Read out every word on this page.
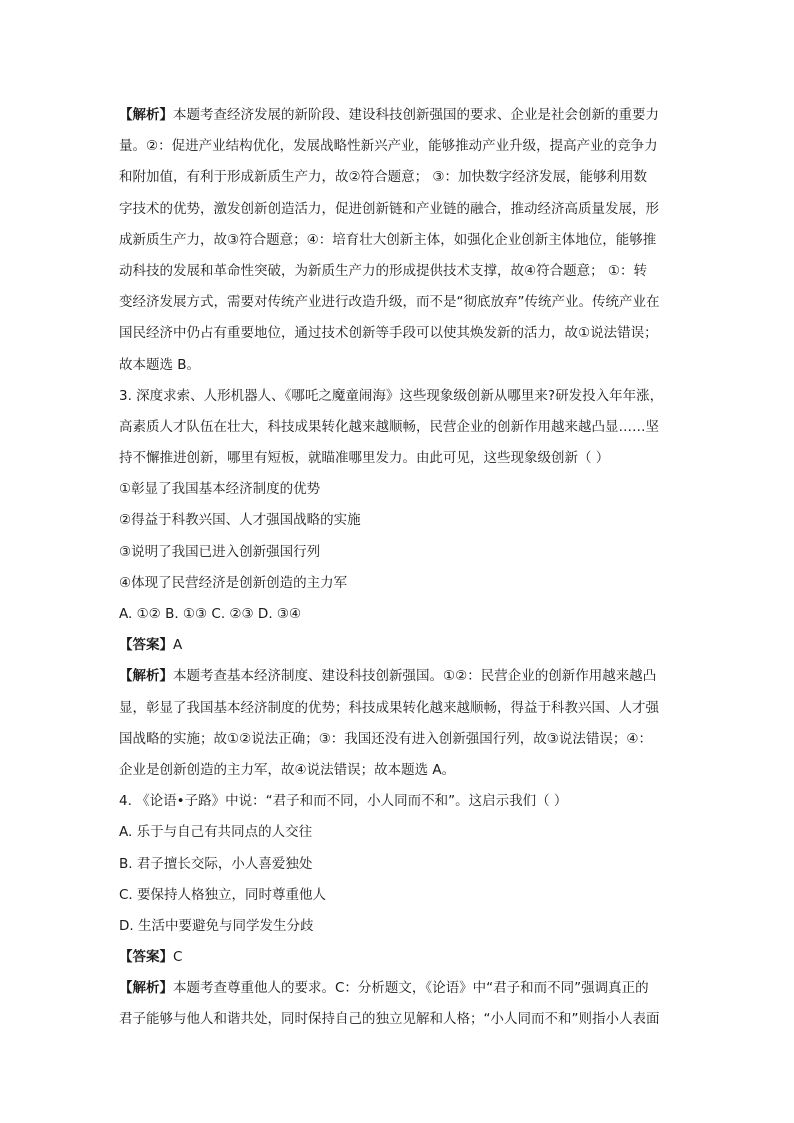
【解析】本题考查经济发展的新阶段、建设科技创新强国的要求、企业是社会创新的重要力
量。②：促进产业结构优化，发展战略性新兴产业，能够推动产业升级，提高产业的竞争力
和附加值，有利于形成新质生产力，故②符合题意； ③：加快数字经济发展，能够利用数
字技术的优势，激发创新创造活力，促进创新链和产业链的融合，推动经济高质量发展，形
成新质生产力，故③符合题意；④：培育壮大创新主体，如强化企业创新主体地位，能够推
动科技的发展和革命性突破，为新质生产力的形成提供技术支撑，故④符合题意； ①：转
变经济发展方式，需要对传统产业进行改造升级，而不是“彻底放弃”传统产业。传统产业在
国民经济中仍占有重要地位，通过技术创新等手段可以使其焕发新的活力，故①说法错误；
故本题选 B。
3. 深度求索、人形机器人、《哪吒之魔童闹海》这些现象级创新从哪里来?研发投入年年涨，
高素质人才队伍在壮大，科技成果转化越来越顺畅，民营企业的创新作用越来越凸显……坚
持不懈推进创新，哪里有短板，就瞄准哪里发力。由此可见，这些现象级创新（ ）
①彰显了我国基本经济制度的优势
②得益于科教兴国、人才强国战略的实施
③说明了我国已进入创新强国行列
④体现了民营经济是创新创造的主力军
A. ①② B. ①③ C. ②③ D. ③④
【答案】A
【解析】本题考查基本经济制度、建设科技创新强国。①②：民营企业的创新作用越来越凸
显，彰显了我国基本经济制度的优势；科技成果转化越来越顺畅，得益于科教兴国、人才强
国战略的实施；故①②说法正确；③：我国还没有进入创新强国行列，故③说法错误；④：
企业是创新创造的主力军，故④说法错误；故本题选 A。
4. 《论语•子路》中说：“君子和而不同，小人同而不和”。这启示我们（ ）
A. 乐于与自己有共同点的人交往
B. 君子擅长交际，小人喜爱独处
C. 要保持人格独立，同时尊重他人
D. 生活中要避免与同学发生分歧
【答案】C
【解析】本题考查尊重他人的要求。C：分析题文，《论语》中“君子和而不同”强调真正的
君子能够与他人和谐共处，同时保持自己的独立见解和人格；“小人同而不和”则指小人表面
